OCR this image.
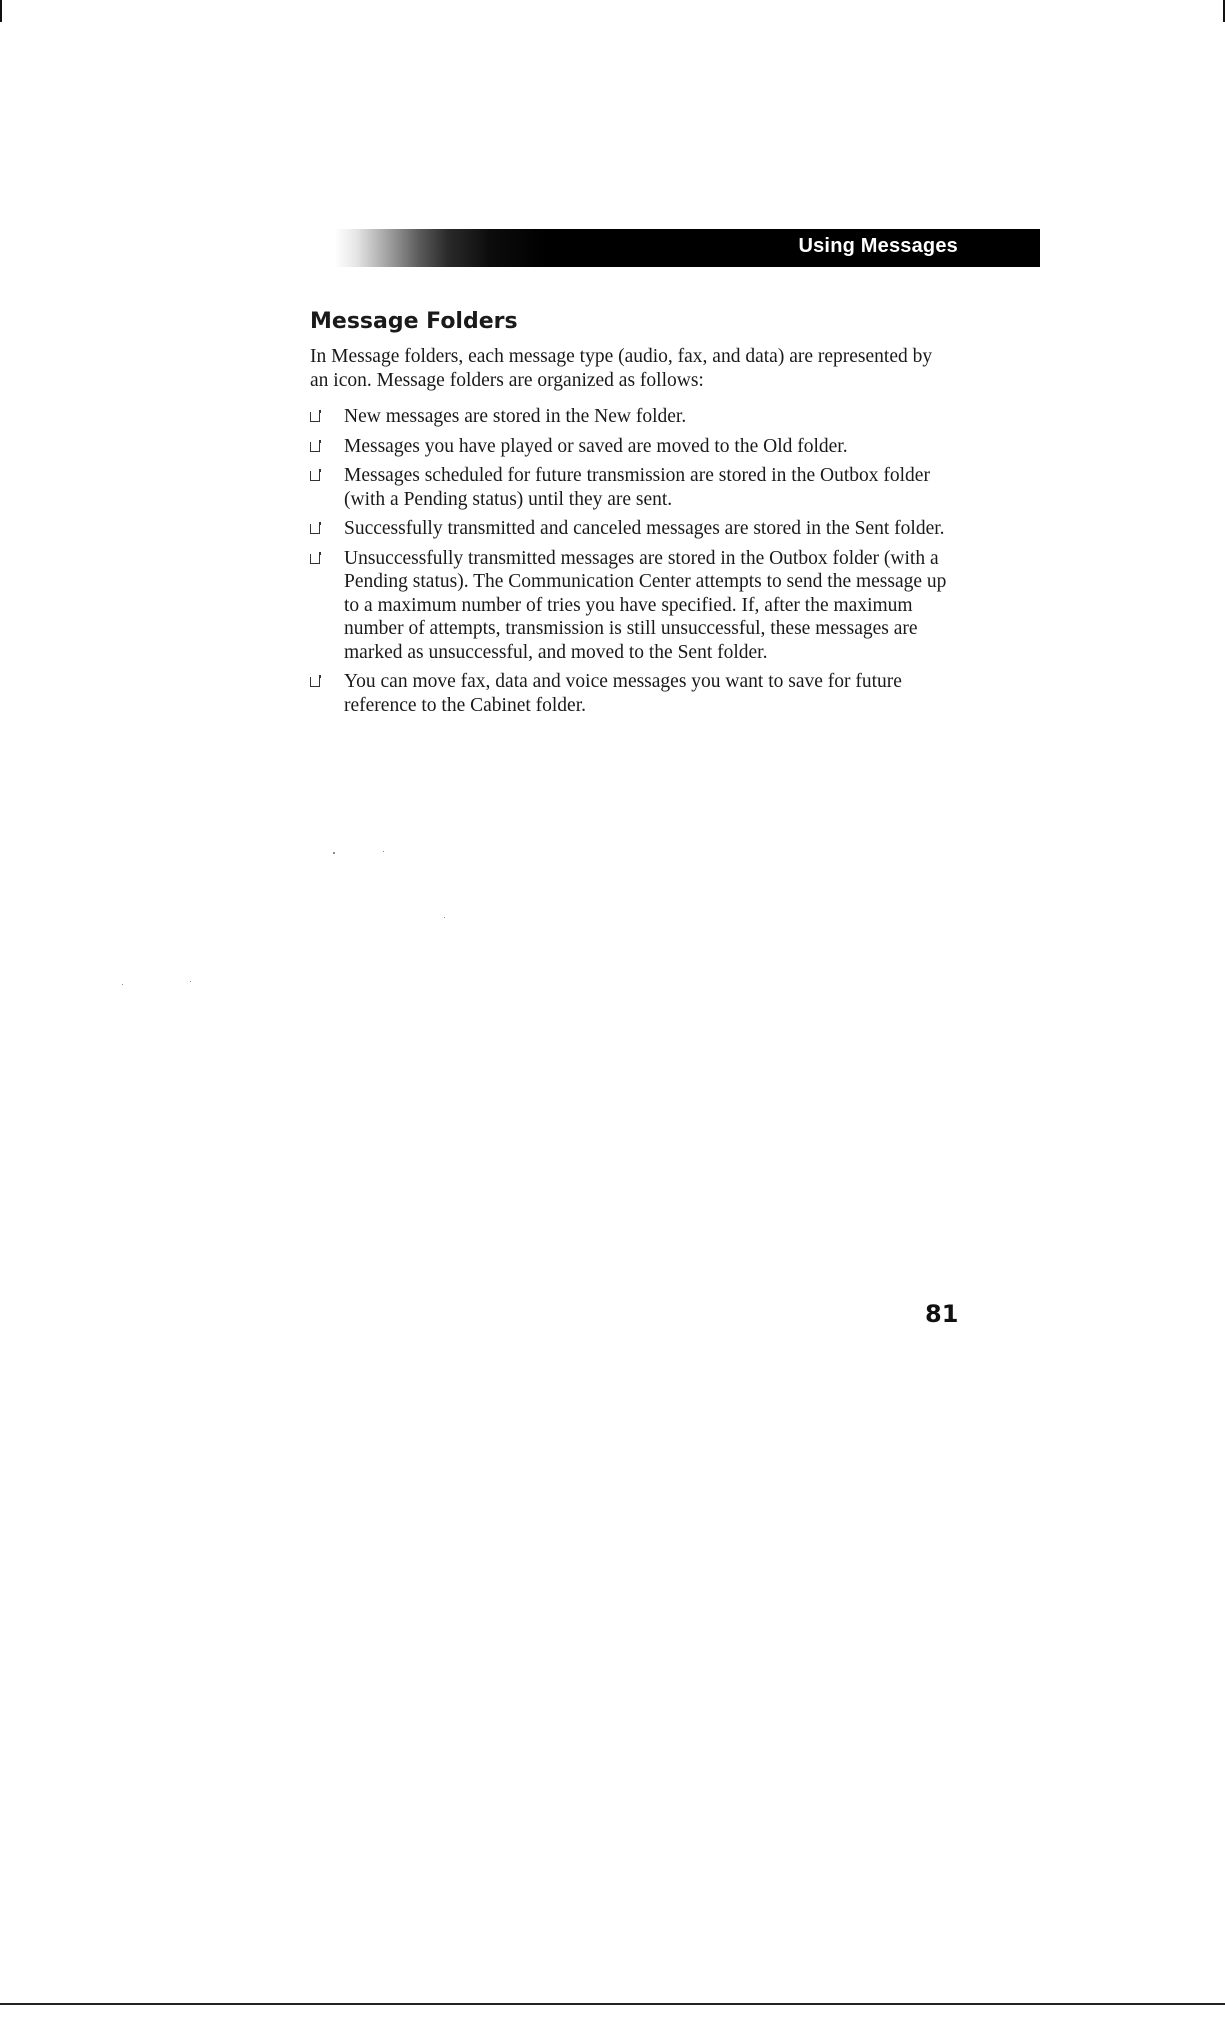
Using Messages
Message Folders

In Message folders, each message type (audio, fax, and data) are represented by an icon. Message folders are organized as follows:

New messages are stored in the New folder.
Messages you have played or saved are moved to the Old folder.
Messages scheduled for future transmission are stored in the Outbox folder (with a Pending status) until they are sent.
Successfully transmitted and canceled messages are stored in the Sent folder.
Unsuccessfully transmitted messages are stored in the Outbox folder (with a Pending status). The Communication Center attempts to send the message up to a maximum number of tries you have specified. If, after the maximum number of attempts, transmission is still unsuccessful, these messages are marked as unsuccessful, and moved to the Sent folder.
You can move fax, data and voice messages you want to save for future reference to the Cabinet folder.
81
